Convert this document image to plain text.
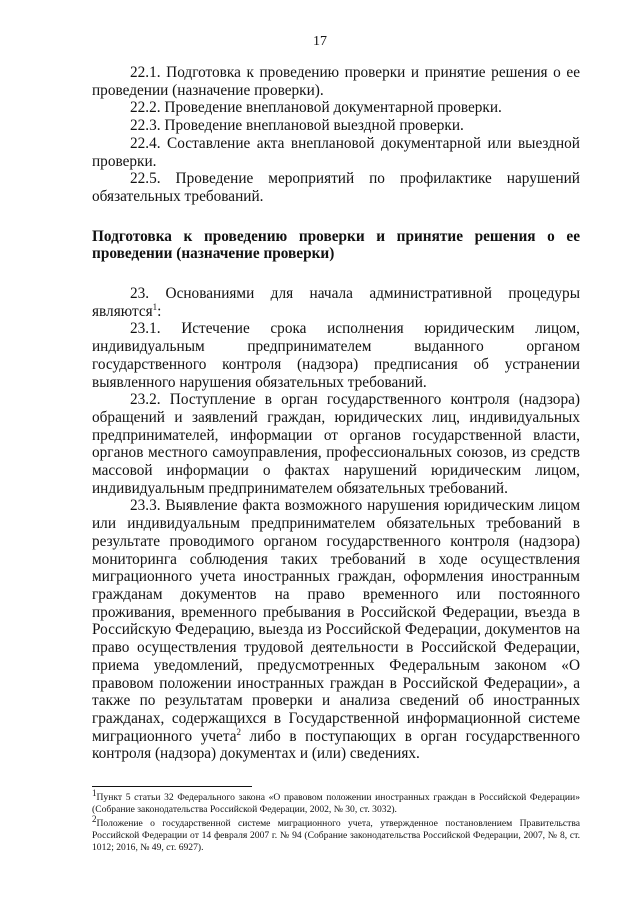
17

22.1. Подготовка к проведению проверки и принятие решения о ее проведении (назначение проверки).

22.2. Проведение внеплановой документарной проверки.

22.3. Проведение внеплановой выездной проверки.

22.4. Составление акта внеплановой документарной или выездной проверки.

22.5. Проведение мероприятий по профилактике нарушений обязательных требований.

Подготовка к проведению проверки и принятие решения о ее проведении (назначение проверки)

23. Основаниями для начала административной процедуры являются$^1$:

23.1. Истечение срока исполнения юридическим лицом, индивидуальным предпринимателем выданного органом государственного контроля (надзора) предписания об устранении выявленного нарушения обязательных требований.

23.2. Поступление в орган государственного контроля (надзора) обращений и заявлений граждан, юридических лиц, индивидуальных предпринимателей, информации от органов государственной власти, органов местного самоуправления, профессиональных союзов, из средств массовой информации о фактах нарушений юридическим лицом, индивидуальным предпринимателем обязательных требований.

23.3. Выявление факта возможного нарушения юридическим лицом или индивидуальным предпринимателем обязательных требований в результате проводимого органом государственного контроля (надзора) мониторинга соблюдения таких требований в ходе осуществления миграционного учета иностранных граждан, оформления иностранным гражданам документов на право временного или постоянного проживания, временного пребывания в Российской Федерации, въезда в Российскую Федерацию, выезда из Российской Федерации, документов на право осуществления трудовой деятельности в Российской Федерации, приема уведомлений, предусмотренных Федеральным законом «О правовом положении иностранных граждан в Российской Федерации», а также по результатам проверки и анализа сведений об иностранных гражданах, содержащихся в Государственной информационной системе миграционного учета$^2$ либо в поступающих в орган государственного контроля (надзора) документах и (или) сведениях.

$^1$Пункт 5 статьи 32 Федерального закона «О правовом положении иностранных граждан в Российской Федерации» (Собрание законодательства Российской Федерации, 2002, № 30, ст. 3032).

$^2$Положение о государственной системе миграционного учета, утвержденное постановлением Правительства Российской Федерации от 14 февраля 2007 г. № 94 (Собрание законодательства Российской Федерации, 2007, № 8, ст. 1012; 2016, № 49, ст. 6927).
